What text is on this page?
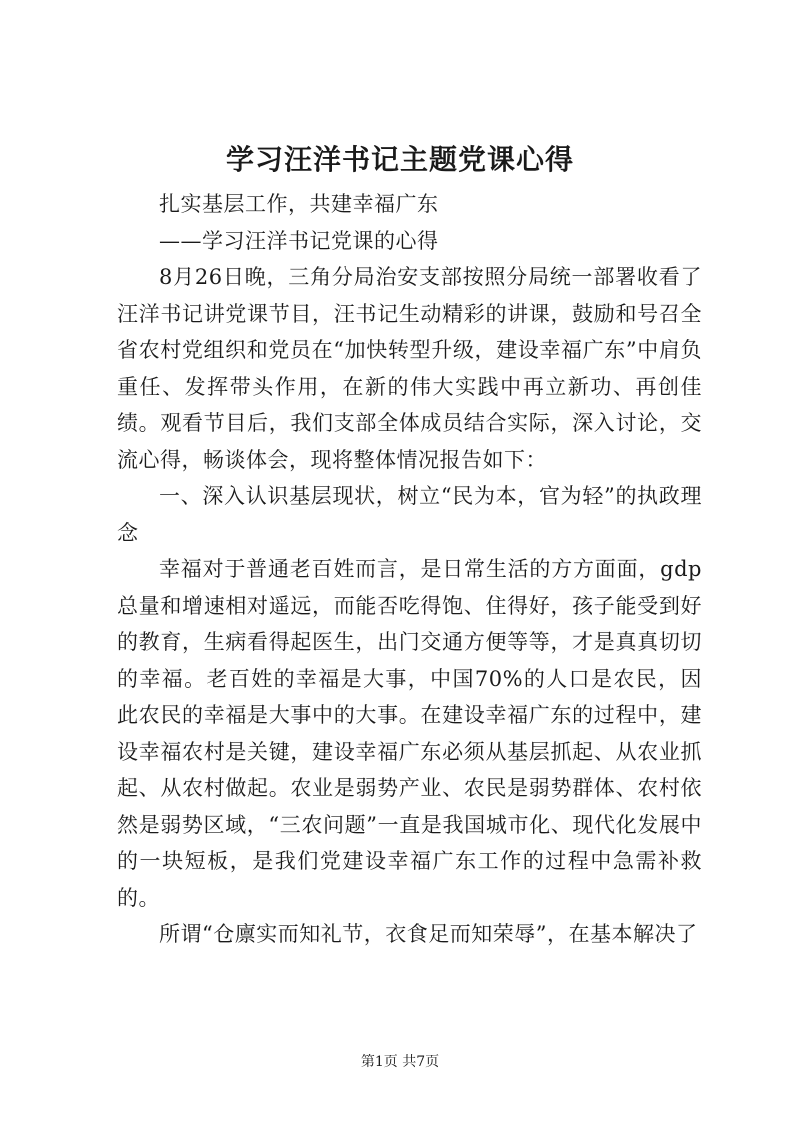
学习汪洋书记主题党课心得

扎实基层工作，共建幸福广东

——学习汪洋书记党课的心得

8月26日晚，三角分局治安支部按照分局统一部署收看了汪洋书记讲党课节目，汪书记生动精彩的讲课，鼓励和号召全省农村党组织和党员在“加快转型升级，建设幸福广东”中肩负重任、发挥带头作用，在新的伟大实践中再立新功、再创佳绩。观看节目后，我们支部全体成员结合实际，深入讨论，交流心得，畅谈体会，现将整体情况报告如下：

一、深入认识基层现状，树立“民为本，官为轻”的执政理念

幸福对于普通老百姓而言，是日常生活的方方面面，gdp总量和增速相对遥远，而能否吃得饱、住得好，孩子能受到好的教育，生病看得起医生，出门交通方便等等，才是真真切切的幸福。老百姓的幸福是大事，中国70%的人口是农民，因此农民的幸福是大事中的大事。在建设幸福广东的过程中，建设幸福农村是关键，建设幸福广东必须从基层抓起、从农业抓起、从农村做起。农业是弱势产业、农民是弱势群体、农村依然是弱势区域，“三农问题”一直是我国城市化、现代化发展中的一块短板，是我们党建设幸福广东工作的过程中急需补救的。

所谓“仓廪实而知礼节，衣食足而知荣辱”，在基本解决了

第1页 共7页
